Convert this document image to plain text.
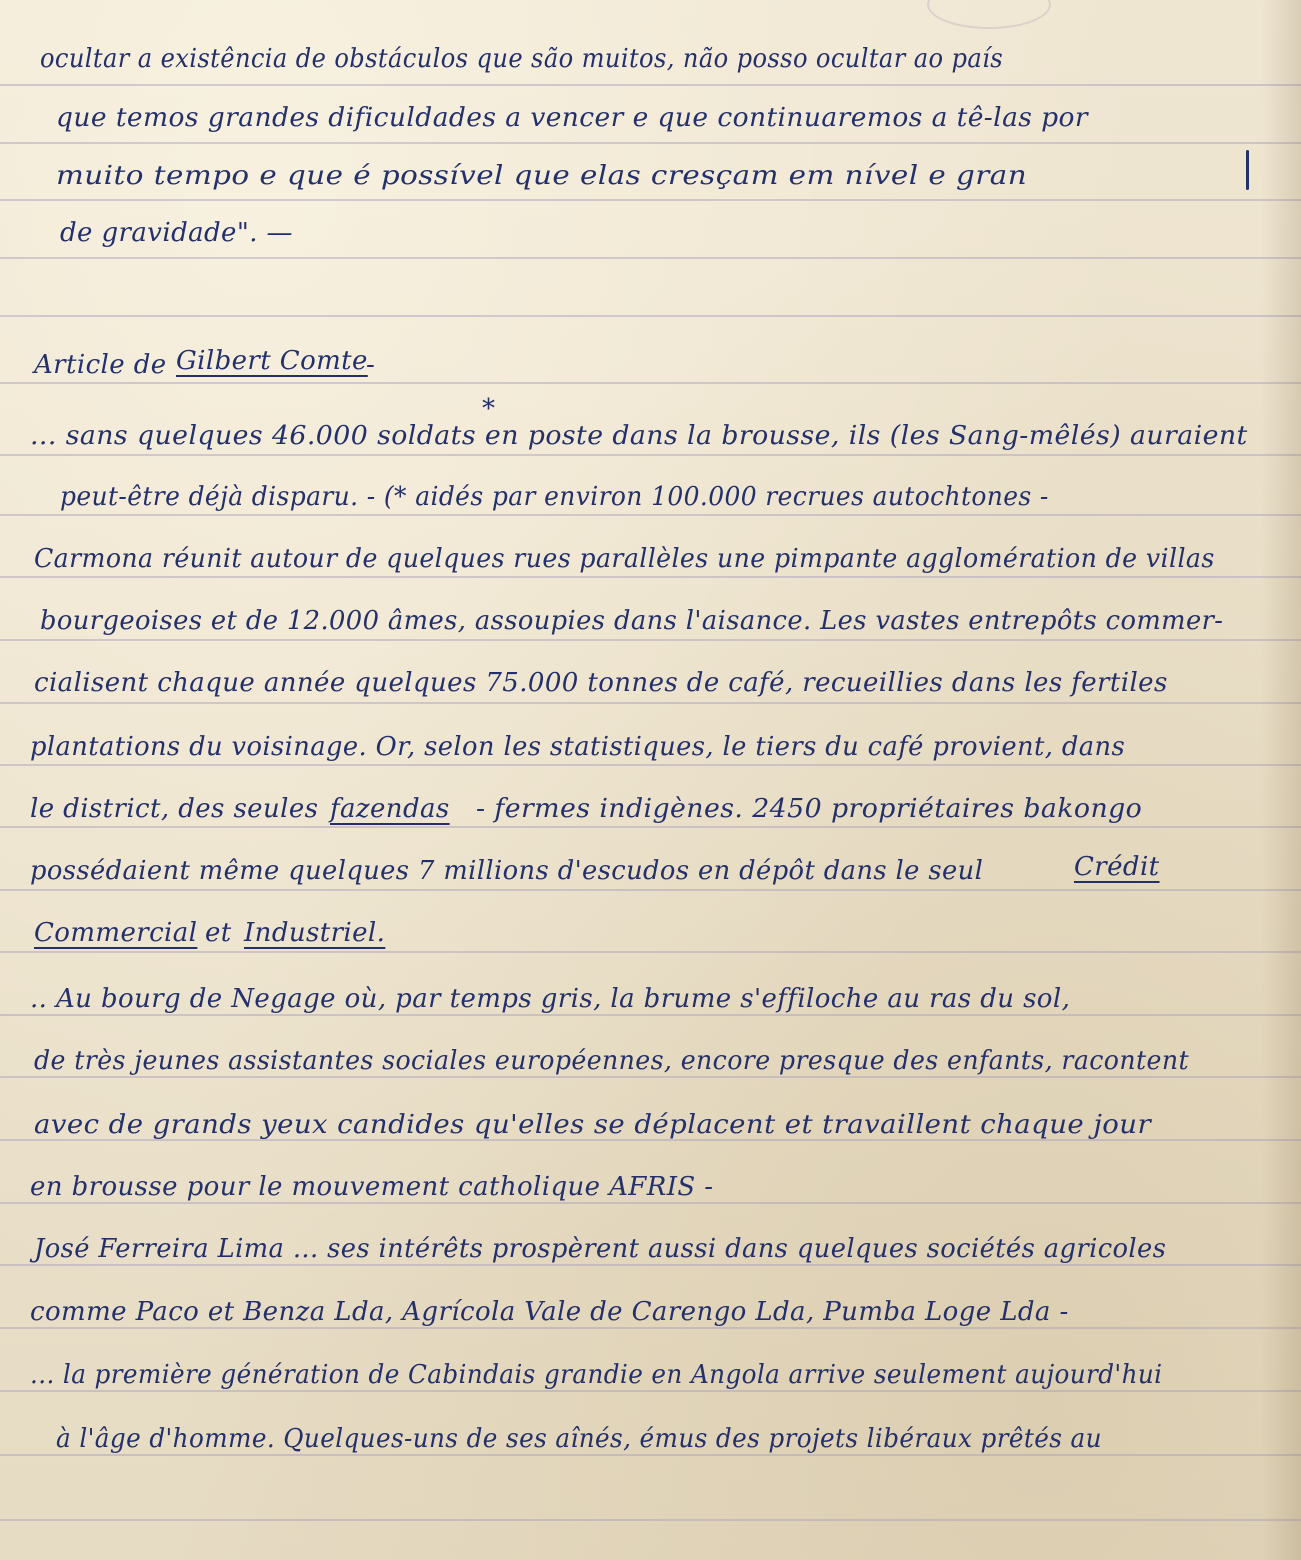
ocultar a existência de obstáculos que são muitos, não posso ocultar ao país
que temos grandes dificuldades a vencer e que continuaremos a tê-las por
muito tempo e que é possível que elas cresçam em nível e gran
de gravidade". —
Article de Gilbert Comte
-
*
... sans quelques 46.000 soldats en poste dans la brousse, ils (les Sang-mêlés) auraient
peut-être déjà disparu. - (* aidés par environ 100.000 recrues autochtones -
Carmona réunit autour de quelques rues parallèles une pimpante agglomération de villas
bourgeoises et de 12.000 âmes, assoupies dans l'aisance. Les vastes entrepôts commer-
cialisent chaque année quelques 75.000 tonnes de café, recueillies dans les fertiles
plantations du voisinage. Or, selon les statistiques, le tiers du café provient, dans
le district, des seules fazendas - fermes indigènes. 2450 propriétaires bakongo
possédaient même quelques 7 millions d'escudos en dépôt dans le seul	Crédit
Commercial et Industriel.
.. Au bourg de Negage où, par temps gris, la brume s'effiloche au ras du sol,
de très jeunes assistantes sociales européennes, encore presque des enfants, racontent
avec de grands yeux candides qu'elles se déplacent et travaillent chaque jour
en brousse pour le mouvement catholique AFRIS -
José Ferreira Lima ... ses intérêts prospèrent aussi dans quelques sociétés agricoles
comme Paco et Benza Lda, Agrícola Vale de Carengo Lda, Pumba Loge Lda -
... la première génération de Cabindais grandie en Angola arrive seulement aujourd'hui
à l'âge d'homme. Quelques-uns de ses aînés, émus des projets libéraux prêtés au
